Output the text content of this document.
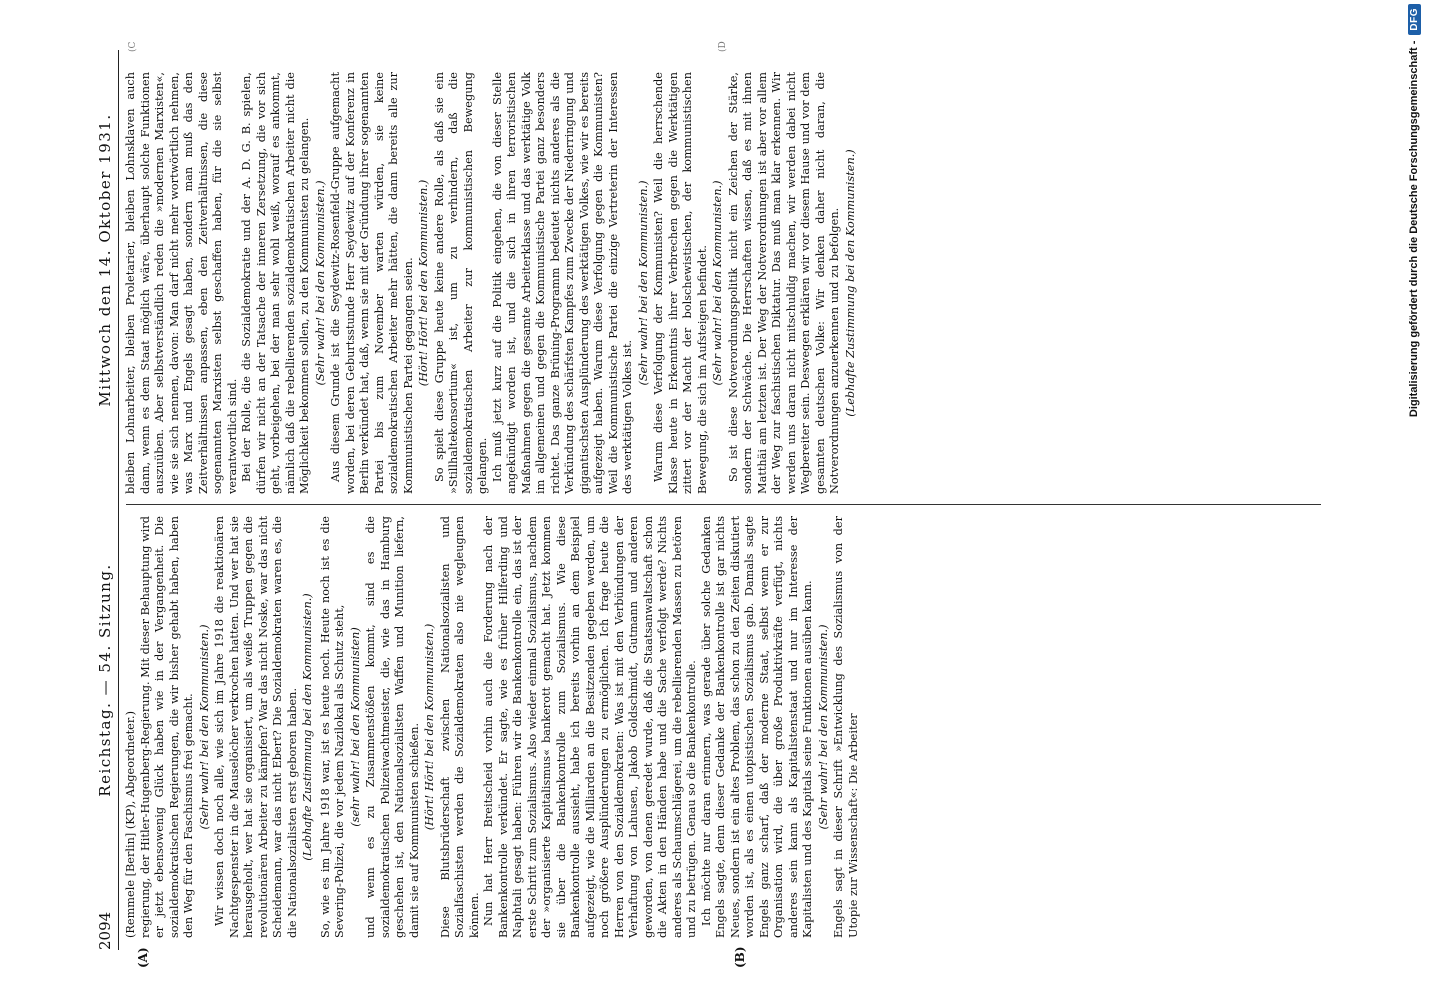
2094
Reichstag. — 54. Sitzung.
Mittwoch den 14. Oktober 1931.
(A)	(B)
(C	(D

(Remmele [Berlin] (KP), Abgeordneter.) regierung, der Hitler-Hugenberg-Regierung. Mit dieser Behauptung wird er jetzt ebensowenig Glück haben wie in der Vergangenheit. Die sozialdemokratischen Regierungen, die wir bisher gehabt haben, haben den Weg für den Faschismus frei gemacht. (Sehr wahr! bei den Kommunisten.) Wir wissen doch noch alle, wie sich im Jahre 1918 die reaktionären Nachtgespenster in die Mauselöcher verkrochen hatten. Und wer hat sie herausgeholt, wer hat sie organisiert, um als weiße Truppen gegen die revolutionären Arbeiter zu kämpfen? War das nicht Noske, war das nicht Scheidemann, war das nicht Ebert? Die Sozialdemokraten waren es, die die Nationalsozialisten erst geboren haben. (Lebhafte Zustimmung bei den Kommunisten.) So, wie es im Jahre 1918 war, ist es heute noch. Heute noch ist es die Severing-Polizei, die vor jedem Nazilokal als Schutz steht, (sehr wahr! bei den Kommunisten) und wenn es zu Zusammenstößen kommt, sind es die sozialdemokratischen Polizeiwachtmeister, die, wie das in Hamburg geschehen ist, den Nationalsozialisten Waffen und Munition liefern, damit sie auf Kommunisten schießen. (Hört! Hört! bei den Kommunisten.) Diese Blutsbrüderschaft zwischen Nationalsozialisten und Sozialfaschisten werden die Sozialdemokraten also nie wegleugnen können. Nun hat Herr Breitscheid vorhin auch die Forderung nach der Bankenkontrolle verkündet. Er sagte, wie es früher Hilferding und Naphtali gesagt haben: Führen wir die Bankenkontrolle ein, das ist der erste Schritt zum Sozialismus. Also wieder einmal Sozialismus, nachdem der »organisierte Kapitalismus« bankerott gemacht hat. Jetzt kommen sie über die Bankenkontrolle zum Sozialismus. Wie diese Bankenkontrolle aussieht, habe ich bereits vorhin an dem Beispiel aufgezeigt, wie die Milliarden an die Besitzenden gegeben werden, um noch größere Ausplünderungen zu ermöglichen. Ich frage heute die Herren von den Sozialdemokraten: Was ist mit den Verbündungen der Verhaftung von Lahusen, Jakob Goldschmidt, Gutmann und anderen geworden, von denen geredet wurde, daß die Staatsanwaltschaft schon die Akten in den Händen habe und die Sache verfolgt werde? Nichts anderes als Schaumschlägerei, um die rebellierenden Massen zu betören und zu betrügen. Genau so die Bankenkontrolle. Ich möchte nur daran erinnern, was gerade über solche Gedanken Engels sagte, denn dieser Gedanke der Bankenkontrolle ist gar nichts Neues, sondern ist ein altes Problem, das schon zu den Zeiten diskutiert worden ist, als es einen utopistischen Sozialismus gab. Damals sagte Engels ganz scharf, daß der moderne Staat, selbst wenn er zur Organisation wird, die über große Produktivkräfte verfügt, nichts anderes sein kann als Kapitalistenstaat und nur im Interesse der Kapitalisten und des Kapitals seine Funktionen ausüben kann. (Sehr wahr! bei den Kommunisten.) Engels sagt in dieser Schrift »Entwicklung des Sozialismus von der Utopie zur Wissenschaft«: Die Arbeiter

bleiben Lohnarbeiter, bleiben Proletarier, bleiben Lohnsklaven auch dann, wenn es dem Staat möglich wäre, überhaupt solche Funktionen auszuüben. Aber selbstverständlich reden die »modernen Marxisten«, wie sie sich nennen, davon: Man darf nicht mehr wortwörtlich nehmen, was Marx und Engels gesagt haben, sondern man muß das den Zeitverhältnissen anpassen, eben den Zeitverhältnissen, die diese sogenannten Marxisten selbst geschaffen haben, für die sie selbst verantwortlich sind. Bei der Rolle, die die Sozialdemokratie und der A. D. G. B. spielen, dürfen wir nicht an der Tatsache der inneren Zersetzung, die vor sich geht, vorbeigehen, bei der man sehr wohl weiß, worauf es ankommt, nämlich daß die rebellierenden sozialdemokratischen Arbeiter nicht die Möglichkeit bekommen sollen, zu den Kommunisten zu gelangen. (Sehr wahr! bei den Kommunisten.) Aus diesem Grunde ist die Seydewitz-Rosenfeld-Gruppe aufgemacht worden, bei deren Geburtsstunde Herr Seydewitz auf der Konferenz in Berlin verkündet hat, daß, wenn sie mit der Gründung ihrer sogenannten Partei bis zum November warten würden, sie keine sozialdemokratischen Arbeiter mehr hätten, die dann bereits alle zur Kommunistischen Partei gegangen seien. (Hört! Hört! bei den Kommunisten.) So spielt diese Gruppe heute keine andere Rolle, als daß sie ein »Stillhaltekonsortium« ist, um zu verhindern, daß die sozialdemokratischen Arbeiter zur kommunistischen Bewegung gelangen. Ich muß jetzt kurz auf die Politik eingehen, die von dieser Stelle angekündigt worden ist, und die sich in ihren terroristischen Maßnahmen gegen die gesamte Arbeiterklasse und das werktätige Volk im allgemeinen und gegen die Kommunistische Partei ganz besonders richtet. Das ganze Brüning-Programm bedeutet nichts anderes als die Verkündung des schärfsten Kampfes zum Zwecke der Niederringung und gigantischsten Ausplünderung des werktätigen Volkes, wie wir es bereits aufgezeigt haben. Warum diese Verfolgung gegen die Kommunisten? Weil die Kommunistische Partei die einzige Vertreterin der Interessen des werktätigen Volkes ist.

(Sehr wahr! bei den Kommunisten.) Warum diese Verfolgung der Kommunisten? Weil die herrschende Klasse heute in Erkenntnis ihrer Verbrechen gegen die Werktätigen zittert vor der Macht der bolschewistischen, der kommunistischen Bewegung, die sich im Aufsteigen befindet. (Sehr wahr! bei den Kommunisten.) So ist diese Notverordnungspolitik nicht ein Zeichen der Stärke, sondern der Schwäche. Die Herrschaften wissen, daß es mit ihnen Matthäi am letzten ist. Der Weg der Notverordnungen ist aber vor allem der Weg zur faschistischen Diktatur. Das muß man klar erkennen. Wir werden uns daran nicht mitschuldig machen, wir werden dabei nicht Wegbereiter sein. Deswegen erklären wir vor diesem Hause und vor dem gesamten deutschen Volke: Wir denken daher nicht daran, die Notverordnungen anzuerkennen und zu befolgen. (Lebhafte Zustimmung bei den Kommunisten.)	Digitalisierung gefördert durch die Deutsche Forschungsgemeinschaft -
DFG
